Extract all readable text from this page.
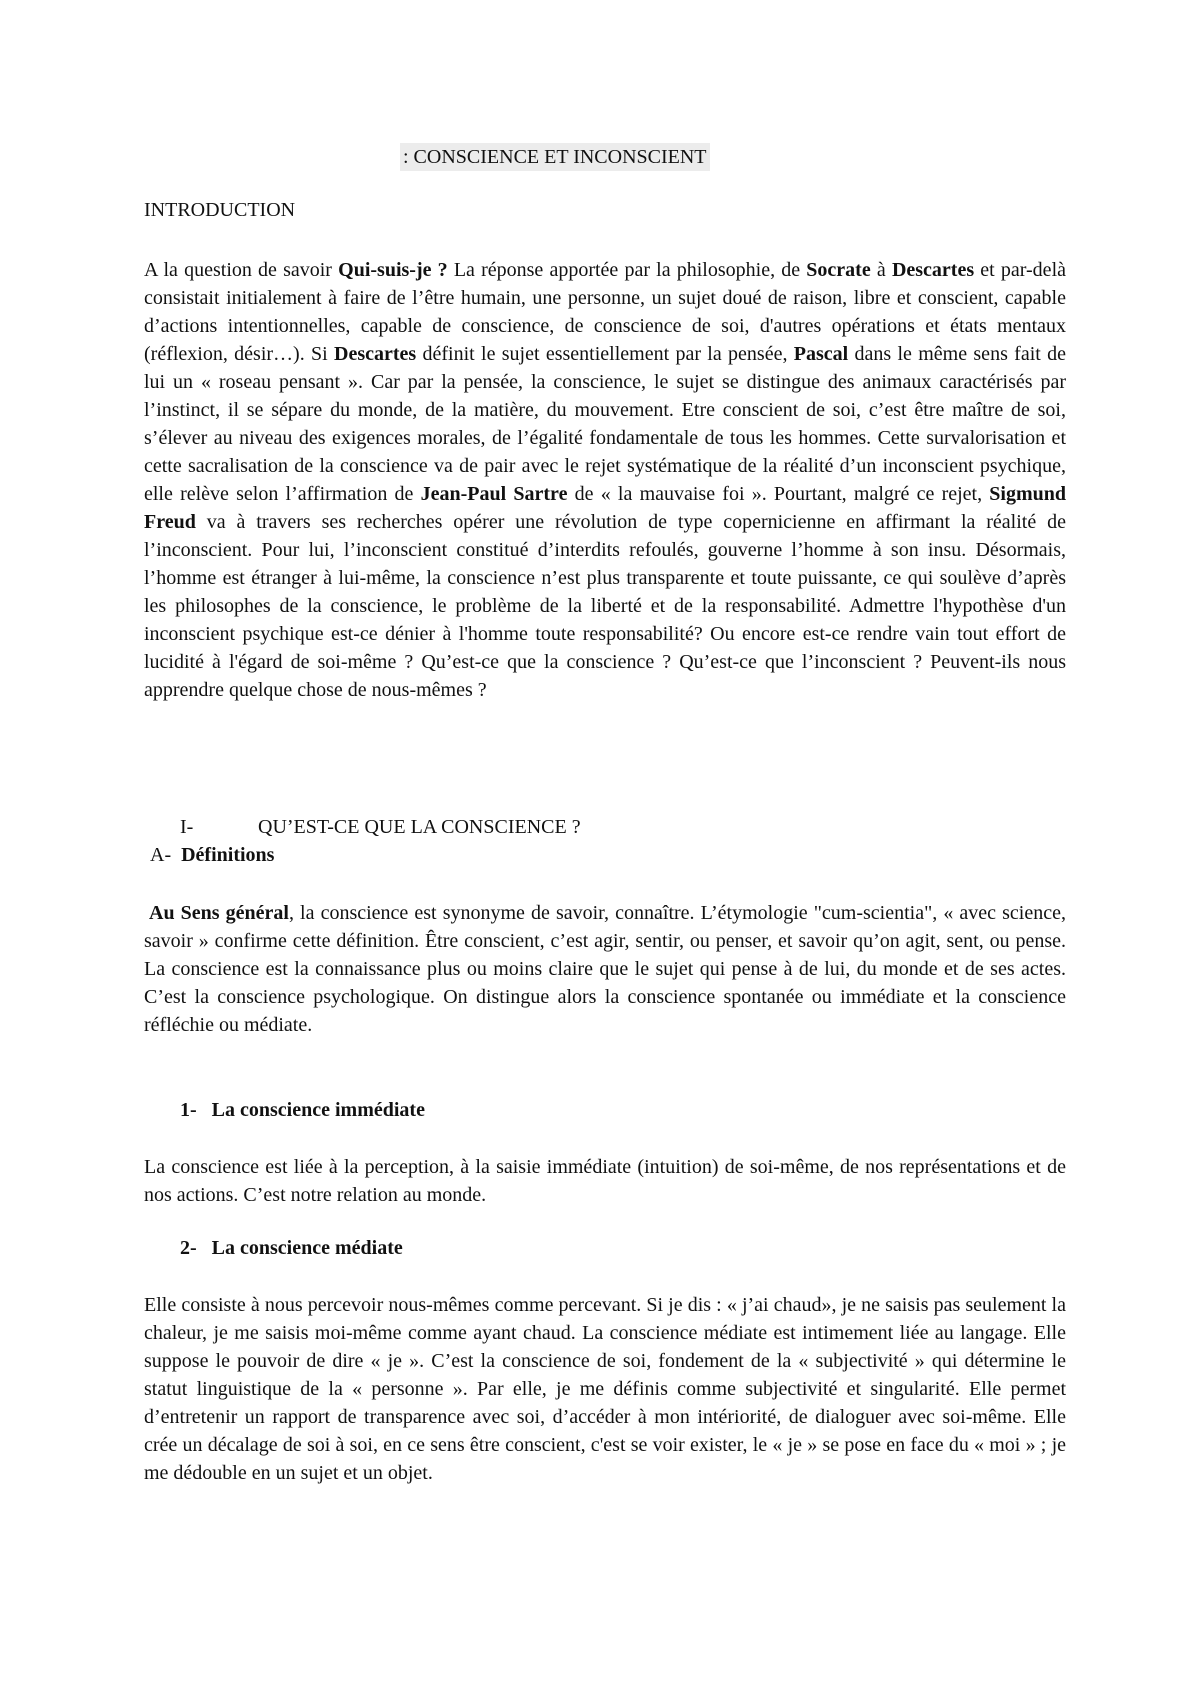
: CONSCIENCE ET INCONSCIENT
INTRODUCTION

A la question de savoir Qui-suis-je ? La réponse apportée par la philosophie, de Socrate à Descartes et par-delà consistait initialement à faire de l’être humain, une personne, un sujet doué de raison, libre et conscient, capable d’actions intentionnelles, capable de conscience, de conscience de soi, d'autres opérations et états mentaux (réflexion, désir…). Si Descartes définit le sujet essentiellement par la pensée, Pascal dans le même sens fait de lui un « roseau pensant ». Car par la pensée, la conscience, le sujet se distingue des animaux caractérisés par l’instinct, il se sépare du monde, de la matière, du mouvement. Etre conscient de soi, c’est être maître de soi, s’élever au niveau des exigences morales, de l’égalité fondamentale de tous les hommes. Cette survalorisation et cette sacralisation de la conscience va de pair avec le rejet systématique de la réalité d’un inconscient psychique, elle relève selon l’affirmation de Jean-Paul Sartre de « la mauvaise foi ». Pourtant, malgré ce rejet, Sigmund Freud va à travers ses recherches opérer une révolution de type copernicienne en affirmant la réalité de l’inconscient. Pour lui, l’inconscient constitué d’interdits refoulés, gouverne l’homme à son insu. Désormais, l’homme est étranger à lui-même, la conscience n’est plus transparente et toute puissante, ce qui soulève d’après les philosophes de la conscience, le problème de la liberté et de la responsabilité. Admettre l'hypothèse d'un inconscient psychique est-ce dénier à l'homme toute responsabilité? Ou encore est-ce rendre vain tout effort de lucidité à l'égard de soi-même ? Qu’est-ce que la conscience ? Qu’est-ce que l’inconscient ? Peuvent-ils nous apprendre quelque chose de nous-mêmes ?

I-	QU’EST-CE QUE LA CONSCIENCE ?
A- Définitions

Au Sens général, la conscience est synonyme de savoir, connaître. L’étymologie "cum-scientia", « avec science, savoir » confirme cette définition. Être conscient, c’est agir, sentir, ou penser, et savoir qu’on agit, sent, ou pense. La conscience est la connaissance plus ou moins claire que le sujet qui pense à de lui, du monde et de ses actes. C’est la conscience psychologique. On distingue alors la conscience spontanée ou immédiate et la conscience réfléchie ou médiate.

1- La conscience immédiate

La conscience est liée à la perception, à la saisie immédiate (intuition) de soi-même, de nos représentations et de nos actions. C’est notre relation au monde.

2- La conscience médiate

Elle consiste à nous percevoir nous-mêmes comme percevant. Si je dis : « j’ai chaud», je ne saisis pas seulement la chaleur, je me saisis moi-même comme ayant chaud. La conscience médiate est intimement liée au langage. Elle suppose le pouvoir de dire « je ». C’est la conscience de soi, fondement de la « subjectivité » qui détermine le statut linguistique de la « personne ». Par elle, je me définis comme subjectivité et singularité. Elle permet d’entretenir un rapport de transparence avec soi, d’accéder à mon intériorité, de dialoguer avec soi-même. Elle crée un décalage de soi à soi, en ce sens être conscient, c'est se voir exister, le « je » se pose en face du « moi » ; je me dédouble en un sujet et un objet.
